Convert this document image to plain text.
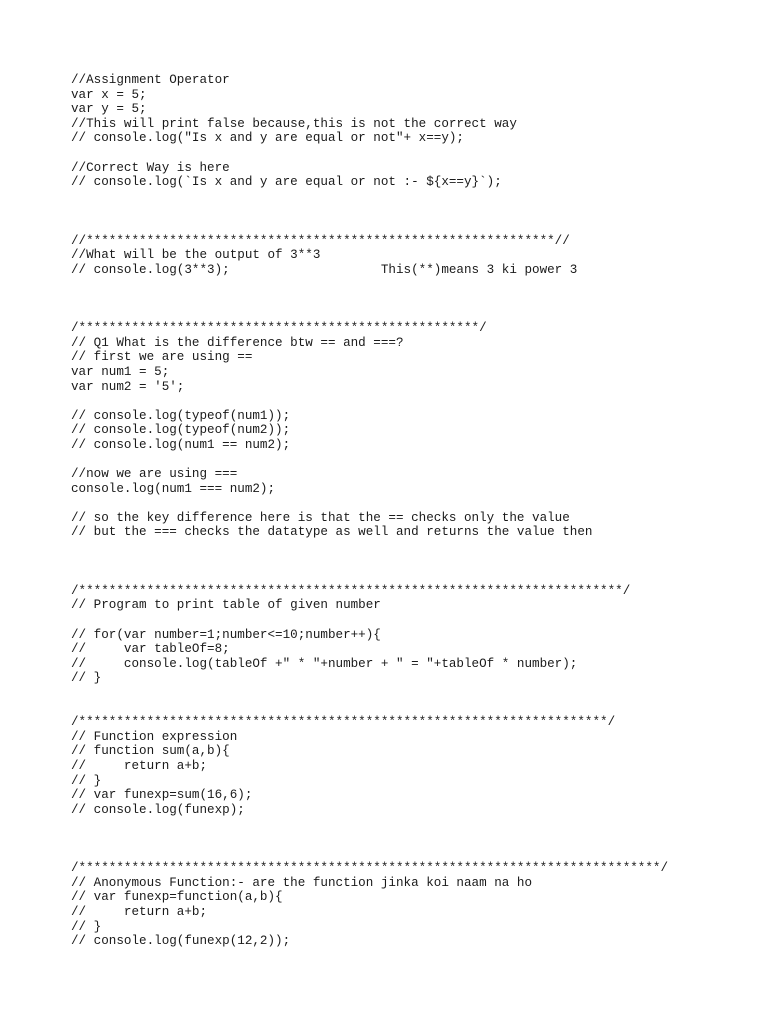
//Assignment Operator
var x = 5;
var y = 5;
//This will print false because,this is not the correct way
// console.log("Is x and y are equal or not"+ x==y);
//Correct Way is here
// console.log(`Is x and y are equal or not :- ${x==y}`);
//**************************************************************//
//What will be the output of 3**3
// console.log(3**3);                    This(**)means 3 ki power 3
/*****************************************************/
// Q1 What is the difference btw == and ===?
// first we are using ==
var num1 = 5;
var num2 = '5';
// console.log(typeof(num1));
// console.log(typeof(num2));
// console.log(num1 == num2);
//now we are using ===
console.log(num1 === num2);
// so the key difference here is that the == checks only the value
// but the === checks the datatype as well and returns the value then
/************************************************************************/
// Program to print table of given number
// for(var number=1;number<=10;number++){
//     var tableOf=8;
//     console.log(tableOf +" * "+number + " = "+tableOf * number);
// }
/**********************************************************************/
// Function expression
// function sum(a,b){
//     return a+b;
// }
// var funexp=sum(16,6);
// console.log(funexp);
/*****************************************************************************/
// Anonymous Function:- are the function jinka koi naam na ho
// var funexp=function(a,b){
//     return a+b;
// }
// console.log(funexp(12,2));
